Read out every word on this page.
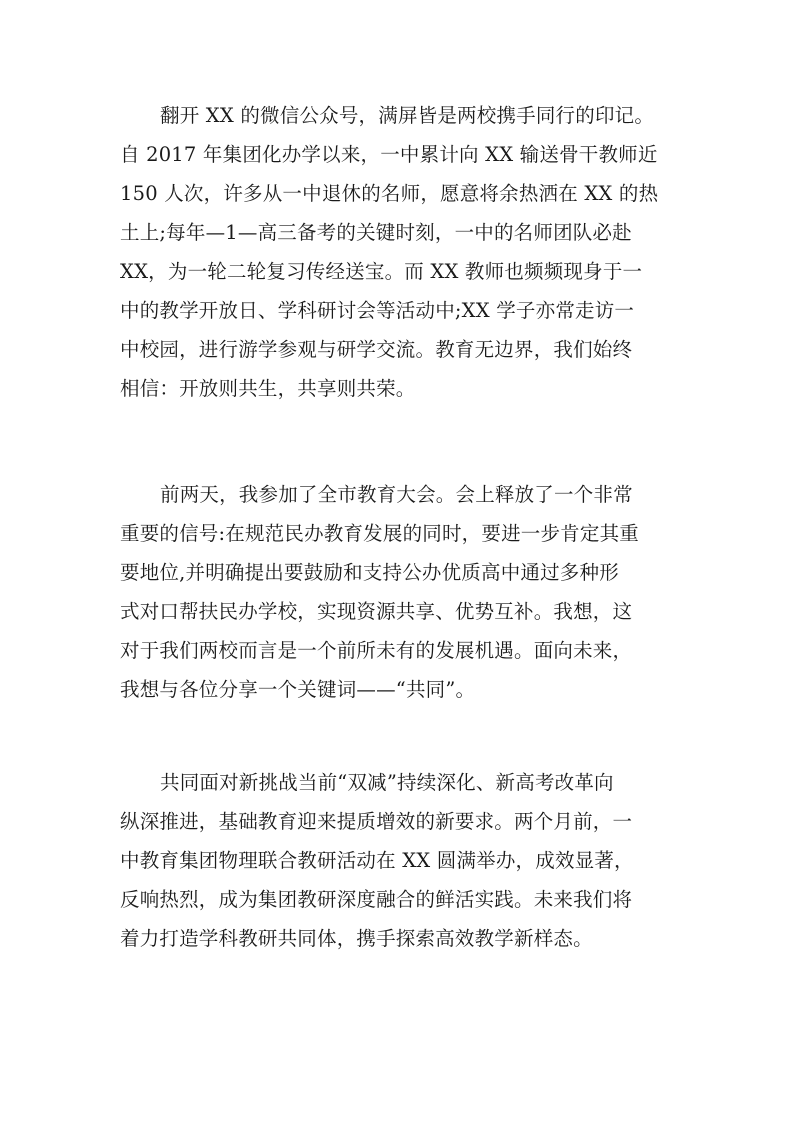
翻开 XX 的微信公众号，满屏皆是两校携手同行的印记。
自 2017 年集团化办学以来，一中累计向 XX 输送骨干教师近
150 人次，许多从一中退休的名师，愿意将余热洒在 XX 的热
土上;每年—1—高三备考的关键时刻，一中的名师团队必赴
XX，为一轮二轮复习传经送宝。而 XX 教师也频频现身于一
中的教学开放日、学科研讨会等活动中;XX 学子亦常走访一
中校园，进行游学参观与研学交流。教育无边界，我们始终
相信：开放则共生，共享则共荣。
前两天，我参加了全市教育大会。会上释放了一个非常
重要的信号:在规范民办教育发展的同时，要进一步肯定其重
要地位,并明确提出要鼓励和支持公办优质高中通过多种形
式对口帮扶民办学校，实现资源共享、优势互补。我想，这
对于我们两校而言是一个前所未有的发展机遇。面向未来，
我想与各位分享一个关键词——“共同”。
共同面对新挑战当前“双减”持续深化、新高考改革向
纵深推进，基础教育迎来提质增效的新要求。两个月前，一
中教育集团物理联合教研活动在 XX 圆满举办，成效显著，
反响热烈，成为集团教研深度融合的鲜活实践。未来我们将
着力打造学科教研共同体，携手探索高效教学新样态。
